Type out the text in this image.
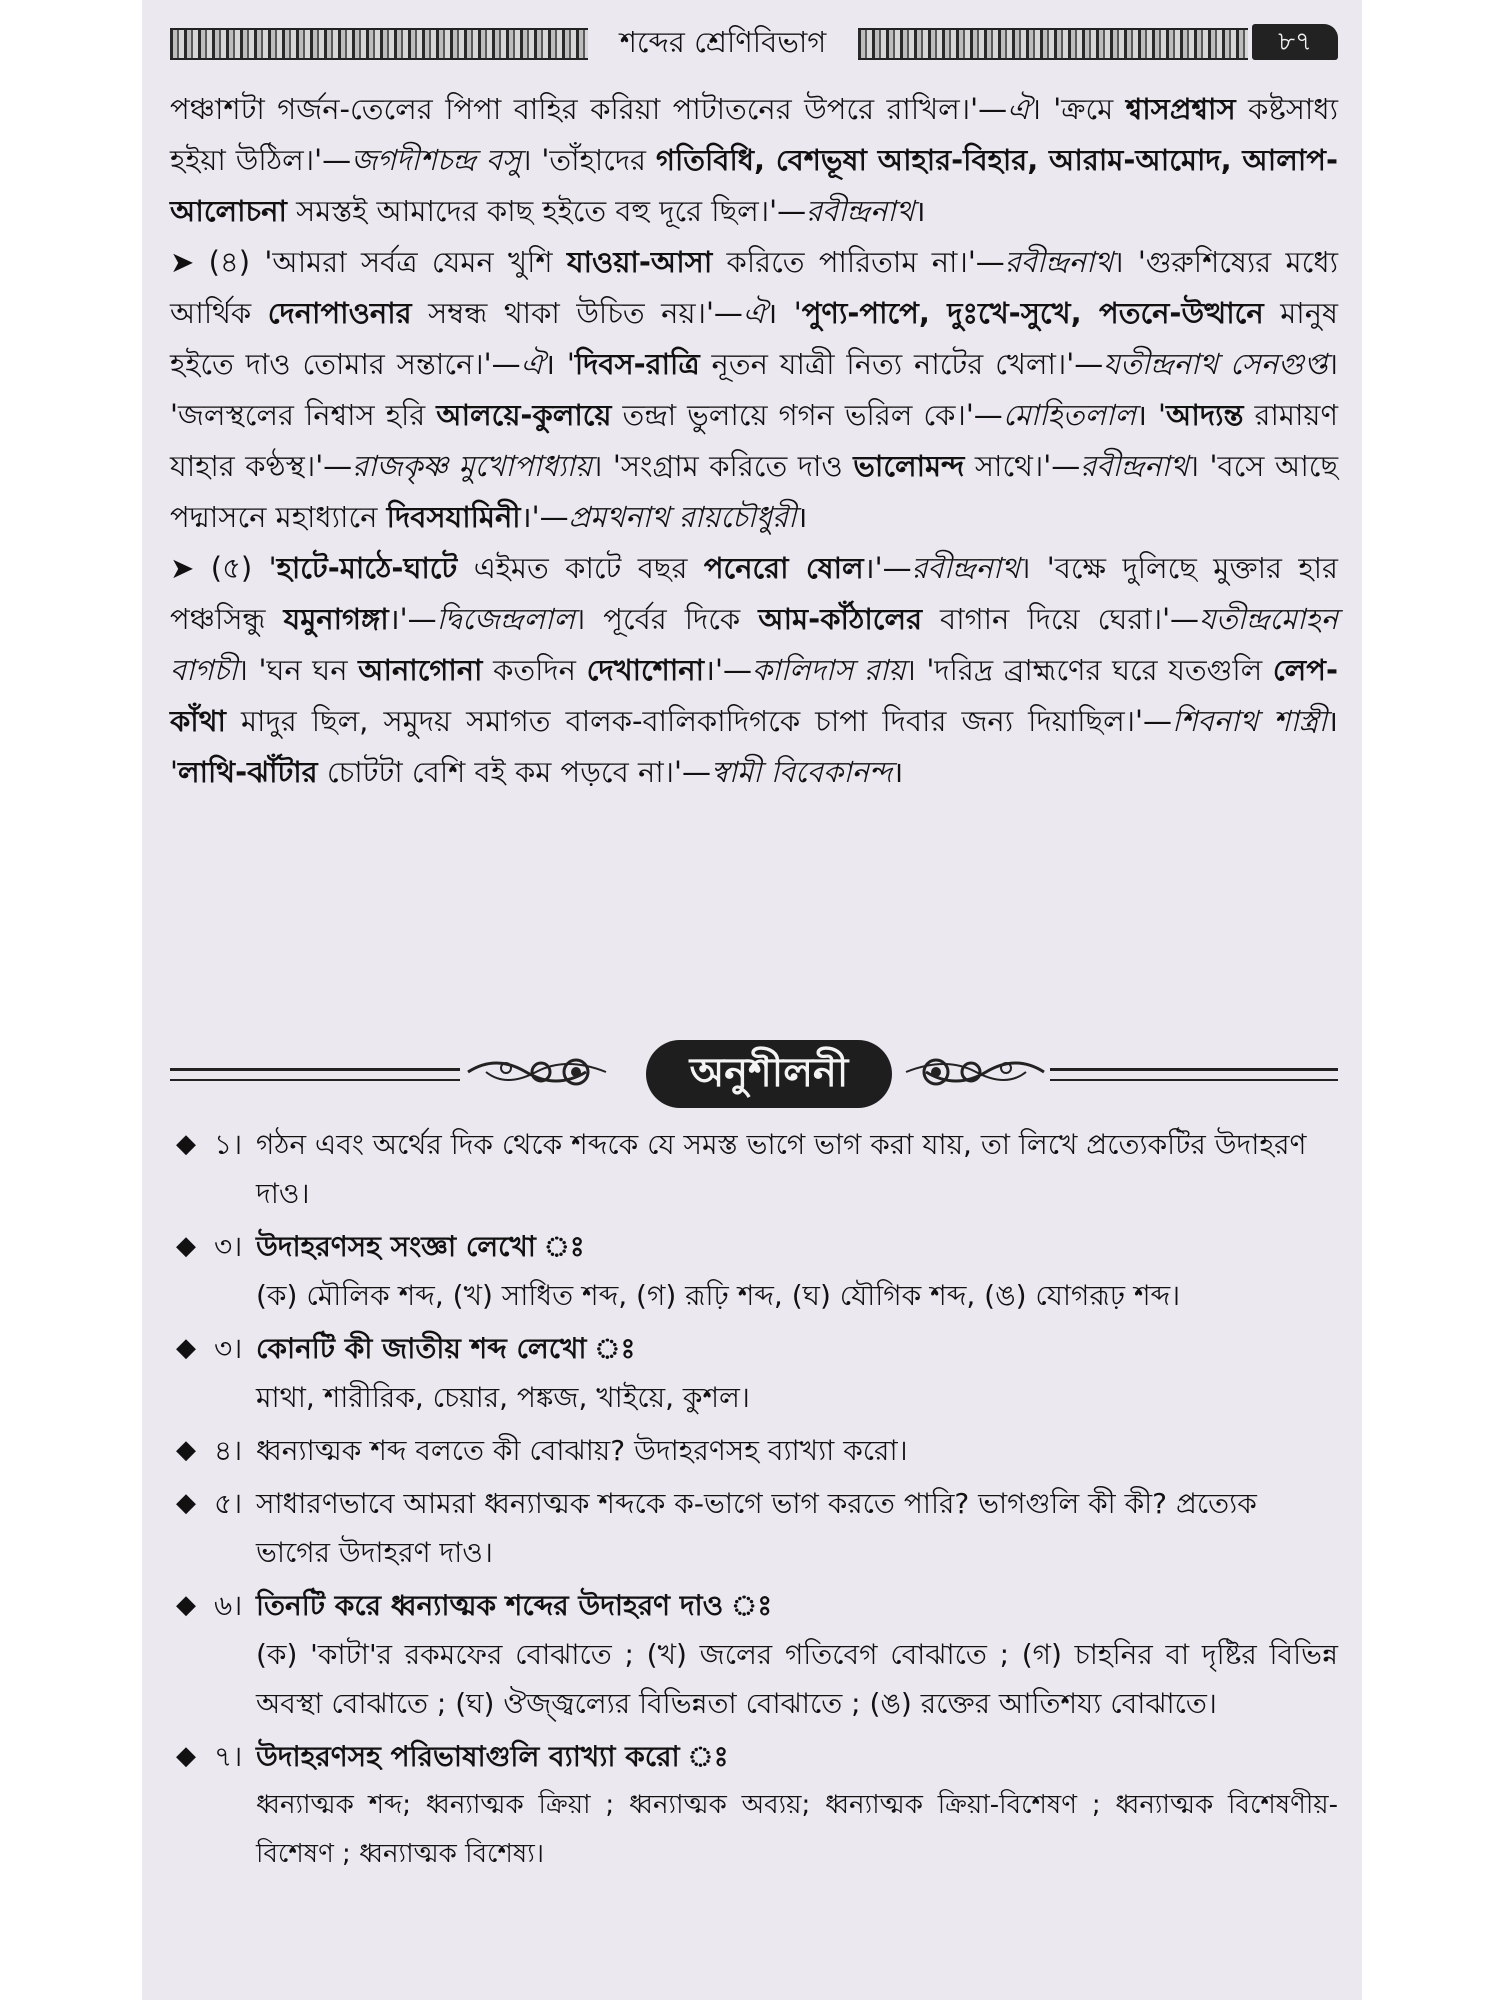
শব্দের শ্রেণিবিভাগ	৮৭

পঞ্চাশটা গর্জন-তেলের পিপা বাহির করিয়া পাটাতনের উপরে রাখিল।'—ঐ। 'ক্রমে শ্বাসপ্রশ্বাস কষ্টসাধ্য হইয়া উঠিল।'—জগদীশচন্দ্র বসু। 'তাঁহাদের গতিবিধি, বেশভূষা আহার-বিহার, আরাম-আমোদ, আলাপ-আলোচনা সমস্তই আমাদের কাছ হইতে বহু দূরে ছিল।'—রবীন্দ্রনাথ।

➤ (৪) 'আমরা সর্বত্র যেমন খুশি যাওয়া-আসা করিতে পারিতাম না।'—রবীন্দ্রনাথ। 'গুরুশিষ্যের মধ্যে আর্থিক দেনাপাওনার সম্বন্ধ থাকা উচিত নয়।'—ঐ। 'পুণ্য-পাপে, দুঃখে-সুখে, পতনে-উত্থানে মানুষ হইতে দাও তোমার সন্তানে।'—ঐ। 'দিবস-রাত্রি নূতন যাত্রী নিত্য নাটের খেলা।'—যতীন্দ্রনাথ সেনগুপ্ত। 'জলস্থলের নিশ্বাস হরি আলয়ে-কুলায়ে তন্দ্রা ভুলায়ে গগন ভরিল কে।'—মোহিতলাল। 'আদ্যন্ত রামায়ণ যাহার কণ্ঠস্থ।'—রাজকৃষ্ণ মুখোপাধ্যায়। 'সংগ্রাম করিতে দাও ভালোমন্দ সাথে।'—রবীন্দ্রনাথ। 'বসে আছে পদ্মাসনে মহাধ্যানে দিবসযামিনী।'—প্রমথনাথ রায়চৌধুরী।

➤ (৫) 'হাটে-মাঠে-ঘাটে এইমত কাটে বছর পনেরো ষোল।'—রবীন্দ্রনাথ। 'বক্ষে দুলিছে মুক্তার হার পঞ্চসিন্ধু যমুনাগঙ্গা।'—দ্বিজেন্দ্রলাল। পূর্বের দিকে আম-কাঁঠালের বাগান দিয়ে ঘেরা।'—যতীন্দ্রমোহন বাগচী। 'ঘন ঘন আনাগোনা কতদিন দেখাশোনা।'—কালিদাস রায়। 'দরিদ্র ব্রাহ্মণের ঘরে যতগুলি লেপ-কাঁথা মাদুর ছিল, সমুদয় সমাগত বালক-বালিকাদিগকে চাপা দিবার জন্য দিয়াছিল।'—শিবনাথ শাস্ত্রী। 'লাথি-ঝাঁটার চোটটা বেশি বই কম পড়বে না।'—স্বামী বিবেকানন্দ।

অনুশীলনী
◆ ১। গঠন এবং অর্থের দিক থেকে শব্দকে যে সমস্ত ভাগে ভাগ করা যায়, তা লিখে প্রত্যেকটির উদাহরণ দাও।
◆ ৩। উদাহরণসহ সংজ্ঞা লেখো ঃ
(ক) মৌলিক শব্দ, (খ) সাধিত শব্দ, (গ) রূঢ়ি শব্দ, (ঘ) যৌগিক শব্দ, (ঙ) যোগরূঢ় শব্দ।
◆ ৩। কোনটি কী জাতীয় শব্দ লেখো ঃ
মাথা, শারীরিক, চেয়ার, পঙ্কজ, খাইয়ে, কুশল।
◆ ৪। ধ্বন্যাত্মক শব্দ বলতে কী বোঝায়? উদাহরণসহ ব্যাখ্যা করো।
◆ ৫। সাধারণভাবে আমরা ধ্বন্যাত্মক শব্দকে ক-ভাগে ভাগ করতে পারি? ভাগগুলি কী কী? প্রত্যেক ভাগের উদাহরণ দাও।
◆ ৬। তিনটি করে ধ্বন্যাত্মক শব্দের উদাহরণ দাও ঃ
(ক) 'কাটা'র রকমফের বোঝাতে ; (খ) জলের গতিবেগ বোঝাতে ; (গ) চাহনির বা দৃষ্টির বিভিন্ন অবস্থা বোঝাতে ; (ঘ) ঔজ্জ্বল্যের বিভিন্নতা বোঝাতে ; (ঙ) রক্তের আতিশয্য বোঝাতে।
◆ ৭। উদাহরণসহ পরিভাষাগুলি ব্যাখ্যা করো ঃ
ধ্বন্যাত্মক শব্দ; ধ্বন্যাত্মক ক্রিয়া ; ধ্বন্যাত্মক অব্যয়; ধ্বন্যাত্মক ক্রিয়া-বিশেষণ ; ধ্বন্যাত্মক বিশেষণীয়-বিশেষণ ; ধ্বন্যাত্মক বিশেষ্য।
